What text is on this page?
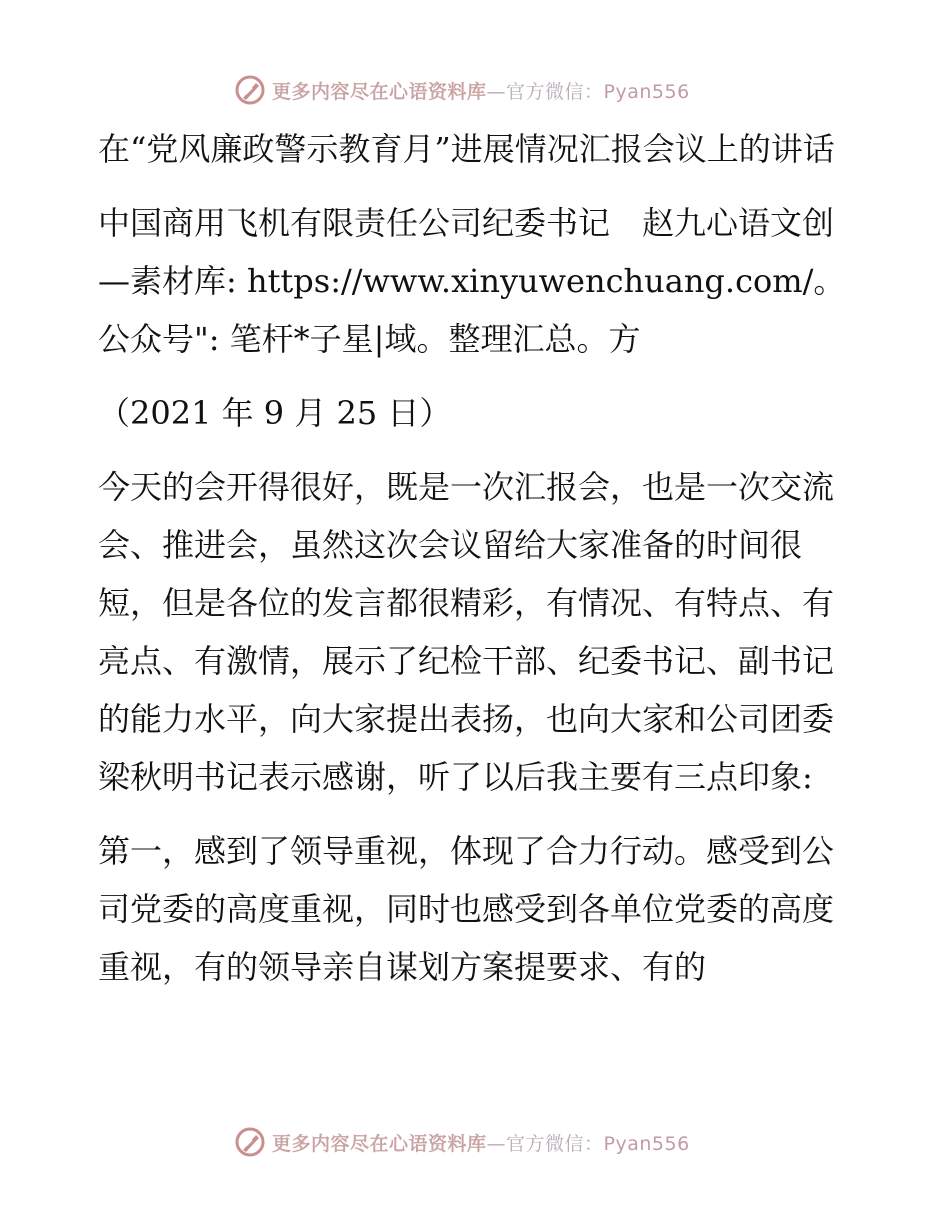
更多内容尽在心语资料库—官方微信：Pyan556

在“党风廉政警示教育月”进展情况汇报会议上的讲话

中国商用飞机有限责任公司纪委书记　赵九心语文创—素材库: https://www.xinyuwenchuang.com/。公众号": 笔杆*子星|域。整理汇总。方

（2021 年 9 月 25 日）

今天的会开得很好，既是一次汇报会，也是一次交流会、推进会，虽然这次会议留给大家准备的时间很短，但是各位的发言都很精彩，有情况、有特点、有亮点、有激情，展示了纪检干部、纪委书记、副书记的能力水平，向大家提出表扬，也向大家和公司团委梁秋明书记表示感谢，听了以后我主要有三点印象:

第一，感到了领导重视，体现了合力行动。感受到公司党委的高度重视，同时也感受到各单位党委的高度重视，有的领导亲自谋划方案提要求、有的

更多内容尽在心语资料库—官方微信：Pyan556
